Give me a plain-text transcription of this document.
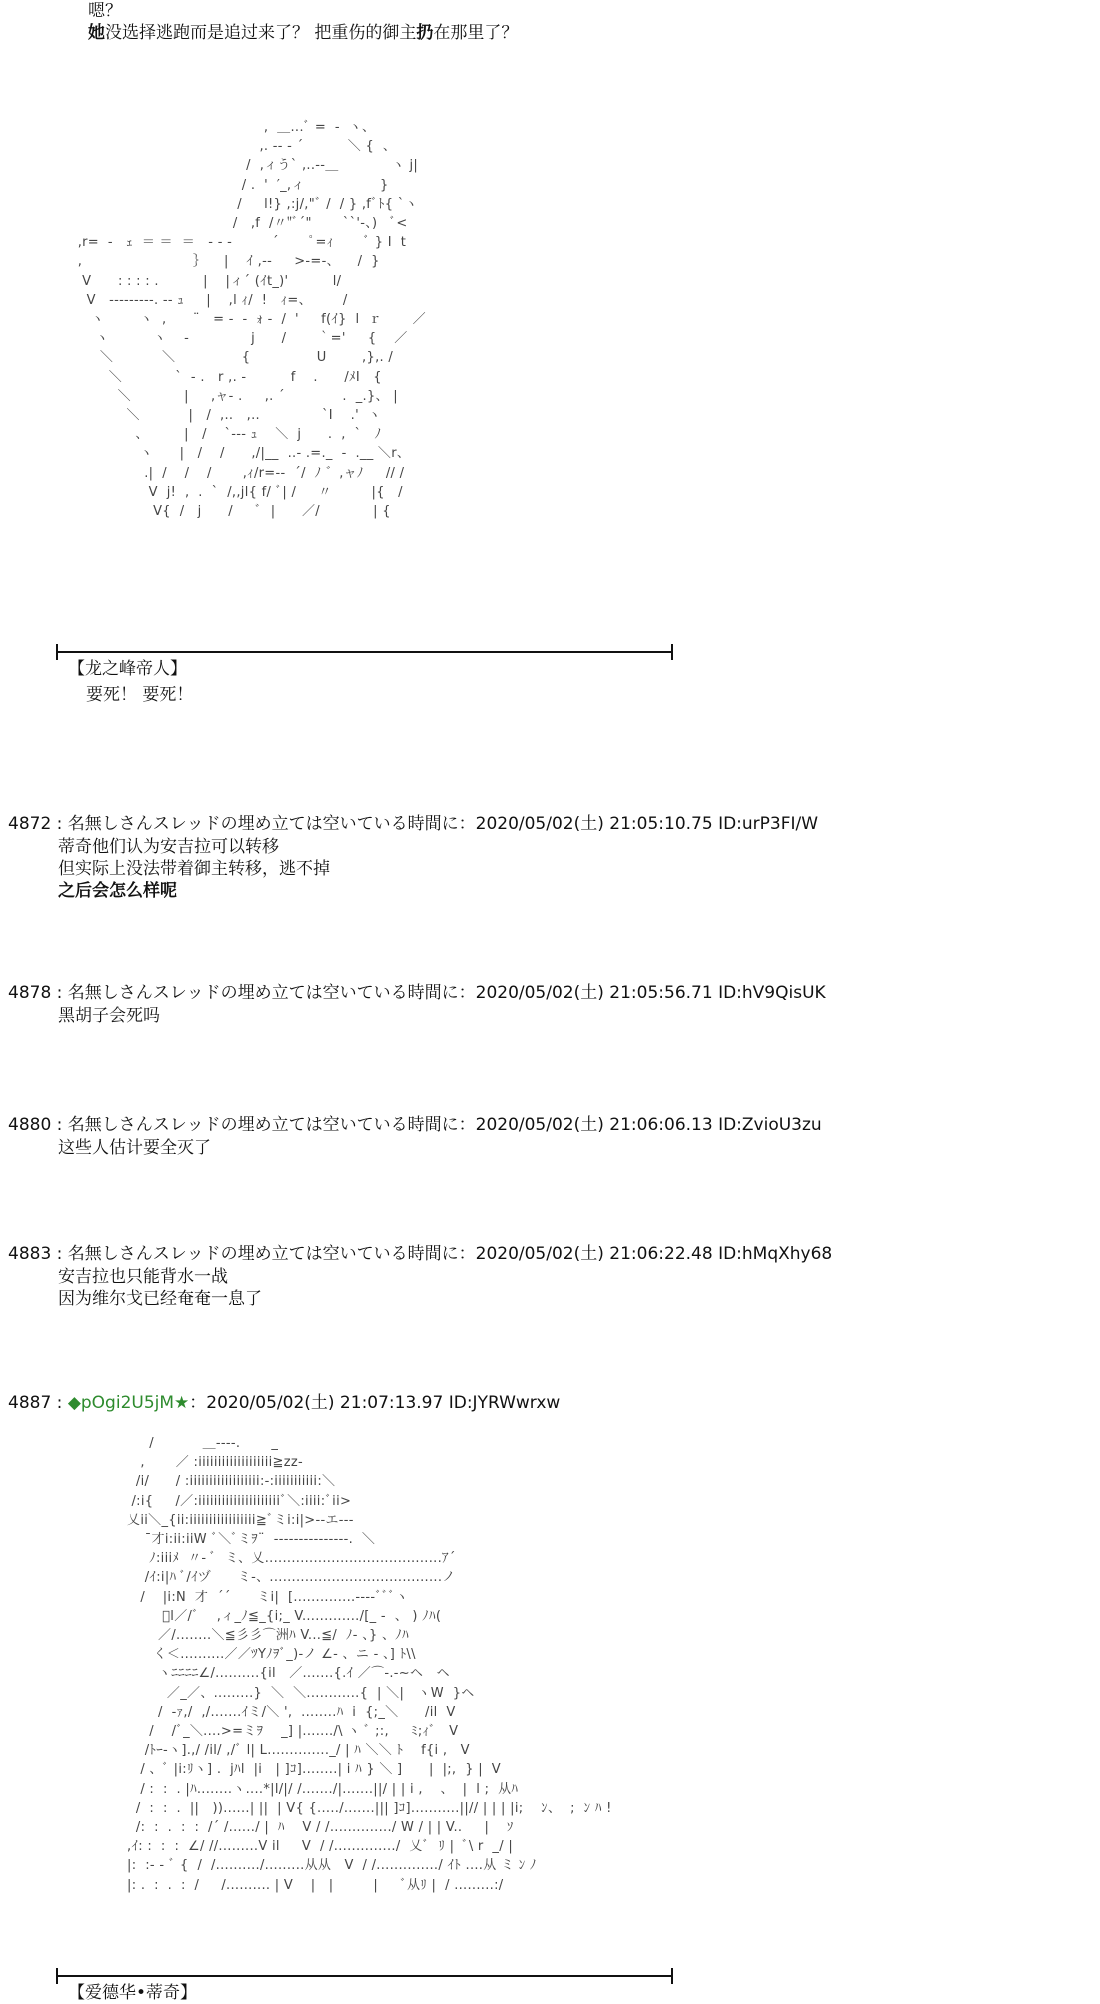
嗯？
她没选择逃跑而是追过来了？ 把重伤的御主扔在那里了？
,  ＿...ﾞ =  -  ヽ、
,. -‐ - ´          ＼ {  、
/  ,ィう` ,..‐‐＿            ヽ j|
/ .  '  ′_,ィ                 }
/     l!} ,:j/,"ﾞ /  / } ,fﾞﾄ{ `ヽ
/   ,f  /〃"ﾞ´"       ``'‐、)   ﾞ<
,r=  -   ｪ  ＝ ＝  ＝   - - ‐         ´       ﾟ=ｨ       ﾞ } I  t
,                         ｝    |    ｲ ,-‐     >-=‐、    /  }
V      : : : : .          |    |ィ´ (ｲt_)'          l/
V   ‐‐‐‐‐‐‐‐‐. ‐‐ ｭ     |    ,l ｨ/  !   ｨ=、       /
ヽ        ヽ  ,      ¨   = ‐  ‐  ｫ ‐  /  '     f(ｲ}  l  ｒ       ／
ヽ          ヽ    -              j      /       ｀='     {    ／
＼           ＼               {               U        ,},. /
＼            `  ‐ .   r ,. -          f    .      /ﾒI   {
＼            |     ,ャ‐ .     ,. ´             .  _.}、 |
＼           |   /  ,..   ,..              `I    .'  ヽ
、        |   /    `‐‐‐ ｭ    ＼  j      .  ,  `   ﾉ
ヽ      |   /    /      ,/|__  ..‐ .=._  -  .__ ＼r、
.|  /    /    /       ,ｨ/r=‐-  ´/  ﾉ ゛,ャﾉ     // /
V  j!  ,  .  `  /,,jl{ f/ ﾞ| /     〃         |{   /
V{  /   j      /     ﾞ  |      ／/            | {
【龙之峰帝人】
要死！ 要死！
4872 : 名無しさんスレッドの埋め立ては空いている時間に：2020/05/02(土) 21:05:10.75 ID:urP3FI/W
蒂奇他们认为安吉拉可以转移
但实际上没法带着御主转移，逃不掉
之后会怎么样呢
4878 : 名無しさんスレッドの埋め立ては空いている時間に：2020/05/02(土) 21:05:56.71 ID:hV9QisUK
黑胡子会死吗
4880 : 名無しさんスレッドの埋め立ては空いている時間に：2020/05/02(土) 21:06:06.13 ID:ZvioU3zu
这些人估计要全灭了
4883 : 名無しさんスレッドの埋め立ては空いている時間に：2020/05/02(土) 21:06:22.48 ID:hMqXhy68
安吉拉也只能背水一战
因为维尔戈已经奄奄一息了
4887 : ◆pOgi2U5jM★：2020/05/02(土) 21:07:13.97 ID:JYRWwrxw
/           ＿‐‐‐‐.       _
,       ／ :iiiiiiiiiiiiiiiiiii≧zz‐
/i/      / :iiiiiiiiiiiiiiiiii:-:iiiiiiiiiii:＼
/:i{     /／:iiiiiiiiiiiiiiiiiiiiiﾞ＼:iiii:ﾞii>
乂ii＼_{ii:iiiiiiiiiiiiiiiii≧ﾞミi:i|>-‐エ‐‐‐
¯才i:ii:iiW ﾞ＼ﾞミｦ¨  ‐‐‐‐‐‐‐‐‐‐‐‐‐‐‐.  ＼
ﾉ:iiiﾒ  〃‐ ﾞ  ミ、乂........................................ｱ´
/ｲ:i|ﾊ ﾞ/ｲヅ      ミ‐、.......................................ノ
/    |i:N  才  ´´      ミi|  [..............‐‐‐‐ﾞﾞﾞヽ
ﾞl／/ﾞ    ,ィ_ﾉ≦_{i;_ V............./[_ -  、 ) ﾉﾊ(
／/........＼≦彡彡⌒洲ﾊ V...≦/  ﾉ‐ 、} 、ﾉﾊ
く＜..........／／ﾂYﾉｦﾞ_)‐ノ ∠‐ 、ニ ‐ 、] ﾄ\\
ヽﾆﾆﾆﾆ∠/..........{il   ／.......{.ｲ ／⌒‐.‐~ヘ   ヘ
／_／、.........}  ＼  ＼............{  | ＼|   ヽW  }ヘ
/  ‐ｧ,/  ,/.......ｲミ/＼ ',  ........ﾊ  i  {;_＼      /il  V
/    /ﾞ_＼....>=ミｦ    _] |......./\ ヽ ﾞ ;:,     ﾐ;ｨﾞ   V
/ﾄｰ‐ヽ].,/ /il/ ,/ﾞ l| L.............._/ | ﾊ ＼＼ ﾄ    f{i ,   V
/ 、ﾞ |i:ﾘヽ] .  jﾊl  |i   | ]ｺ]........| i ﾊ } ＼ ]      |  |;,  } |  V
/ :  :  . |ﾊ........ヽ....*|l/|/ /......./|.......||/ | | i ,    、  |  l ;  从ﾊ
/  :  :  .  ||   ))......| ||  | V{ {...../.......||| ]ｺ]...........||// | | | |i;    ﾝ、  ;  ﾝ ﾊ !
/:  :  .  :  :  /´ /....../ |  ﾊ    V / /............../ W / | | V..     |    ｿ
,ｲ: :  :  :  ∠/ //.........V il     V  / /............../  乂ﾞ  ﾘ |  ﾞ\ r  _/ |
|:  :‐ ‐ ﾞ {  /  /........../.........从从   V  / /............../ ｲﾄ ....从 ミ ﾝ ﾉ
|: .  :  .  :  /     /.......... | V    |   |         |     ﾞ从ﾘ |  / .........:/
【爱德华•蒂奇】
